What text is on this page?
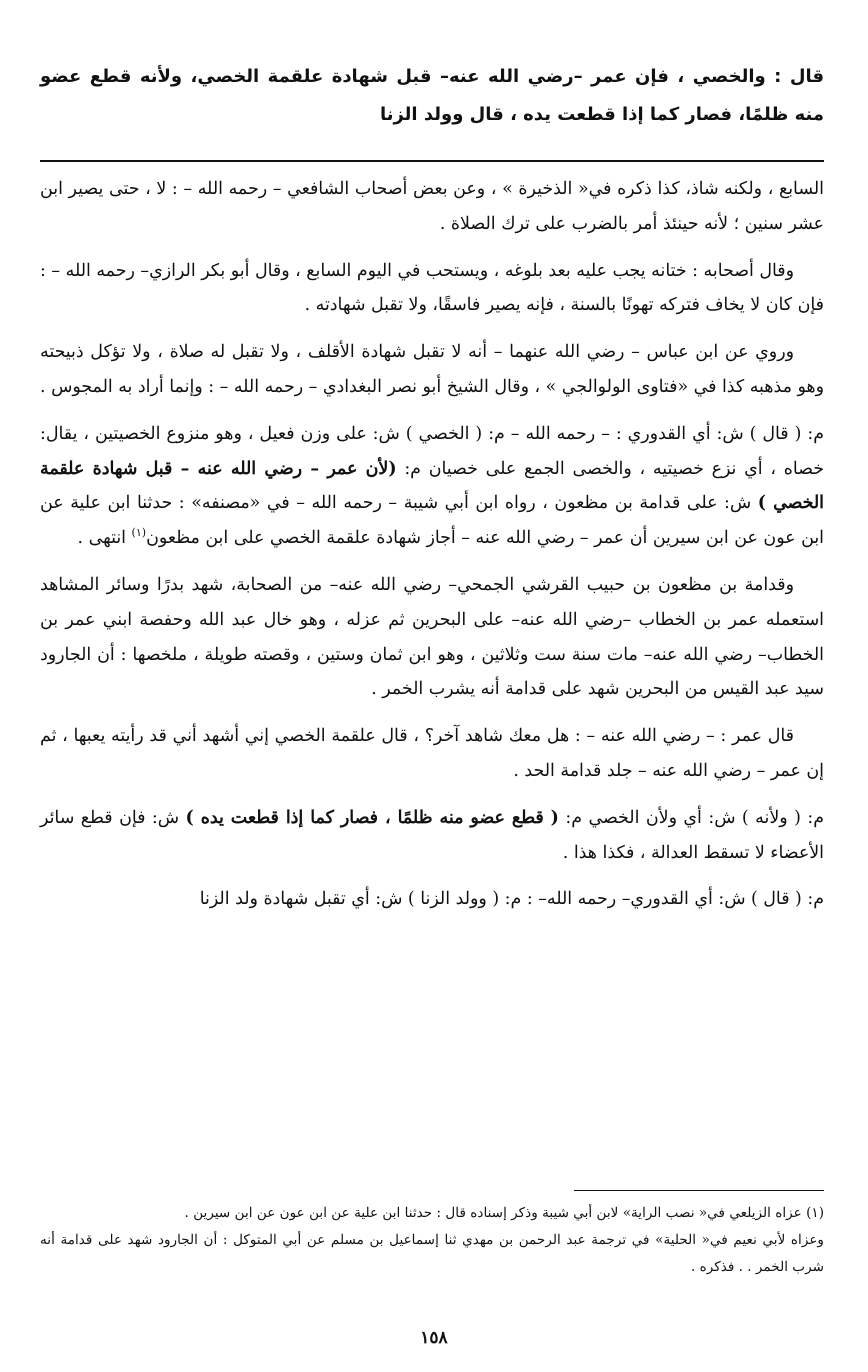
قال : والخصي ، فإن عمر –رضي الله عنه– قبل شهادة علقمة الخصي، ولأنه قطع عضو منه ظلمًا، فصار كما إذا قطعت يده ، قال وولد الزنا

السابع ، ولكنه شاذ، كذا ذكره في« الذخيرة » ، وعن بعض أصحاب الشافعي – رحمه الله – : لا ، حتى يصير ابن عشر سنين ؛ لأنه حينئذ أمر بالضرب على ترك الصلاة .

وقال أصحابه : ختانه يجب عليه بعد بلوغه ، ويستحب في اليوم السابع ، وقال أبو بكر الرازي– رحمه الله – : فإن كان لا يخاف فتركه تهونًا بالسنة ، فإنه يصير فاسقًا، ولا تقبل شهادته .

وروي عن ابن عباس – رضي الله عنهما – أنه لا تقبل شهادة الأقلف ، ولا تقبل له صلاة ، ولا تؤكل ذبيحته وهو مذهبه كذا في «فتاوى الولوالجي » ، وقال الشيخ أبو نصر البغدادي – رحمه الله – : وإنما أراد به المجوس .

م: ( قال ) ش: أي القدوري : – رحمه الله – م: ( الخصي ) ش: على وزن فعيل ، وهو منزوع الخصيتين ، يقال: خصاه ، أي نزع خصيتيه ، والخصى الجمع على خصيان م: (لأن عمر – رضي الله عنه – قبل شهادة علقمة الخصي ) ش: على قدامة بن مظعون ، رواه ابن أبي شيبة – رحمه الله – في «مصنفه» : حدثنا ابن علية عن ابن عون عن ابن سيرين أن عمر – رضي الله عنه – أجاز شهادة علقمة الخصي على ابن مظعون$^{(١)}$ انتهى .

وقدامة بن مظعون بن حبيب القرشي الجمحي– رضي الله عنه– من الصحابة، شهد بدرًا وسائر المشاهد استعمله عمر بن الخطاب –رضي الله عنه– على البحرين ثم عزله ، وهو خال عبد الله وحفصة ابني عمر بن الخطاب– رضي الله عنه– مات سنة ست وثلاثين ، وهو ابن ثمان وستين ، وقصته طويلة ، ملخصها : أن الجارود سيد عبد القيس من البحرين شهد على قدامة أنه يشرب الخمر .

قال عمر : – رضي الله عنه – : هل معك شاهد آخر؟ ، قال علقمة الخصي إني أشهد أني قد رأيته يعبها ، ثم إن عمر – رضي الله عنه – جلد قدامة الحد .

م: ( ولأنه ) ش: أي ولأن الخصي م: ( قطع عضو منه ظلمًا ، فصار كما إذا قطعت يده ) ش: فإن قطع سائر الأعضاء لا تسقط العدالة ، فكذا هذا .

م: ( قال ) ش: أي القدوري– رحمه الله– : م: ( وولد الزنا ) ش: أي تقبل شهادة ولد الزنا

(١) عزاه الزيلعي في« نصب الراية» لابن أبي شيبة وذكر إسناده قال : حدثنا ابن علية عن ابن عون عن ابن سيرين .

وعزاه لأبي نعيم في« الحلية» في ترجمة عبد الرحمن بن مهدي ثنا إسماعيل بن مسلم عن أبي المتوكل : أن الجارود شهد على قدامة أنه شرب الخمر . . فذكره .

١٥٨
